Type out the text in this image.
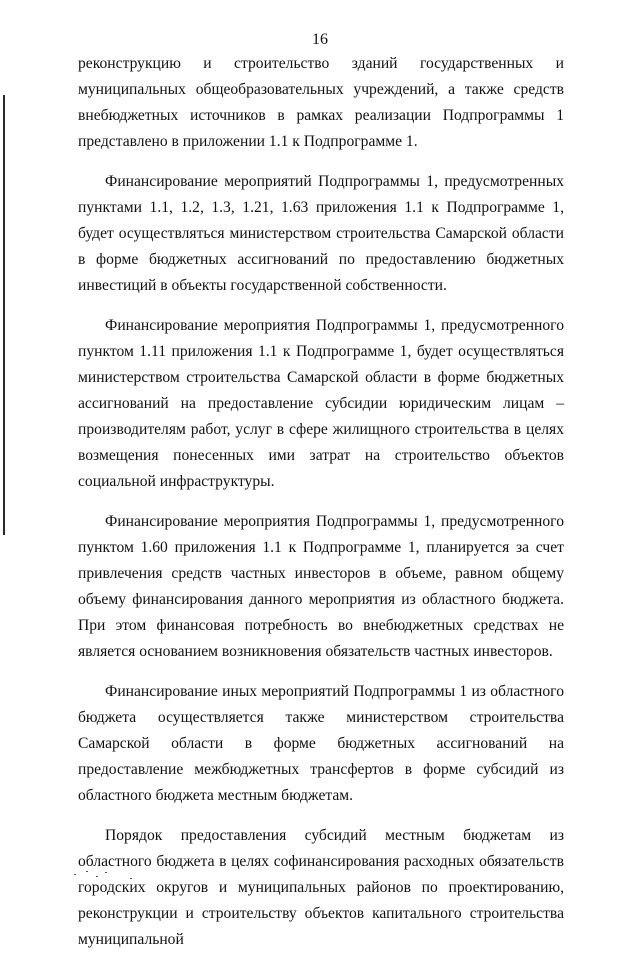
16

реконструкцию и строительство зданий государственных и муниципальных общеобразовательных учреждений, а также средств внебюджетных источников в рамках реализации Подпрограммы 1 представлено в приложении 1.1 к Подпрограмме 1.

Финансирование мероприятий Подпрограммы 1, предусмотренных пунктами 1.1, 1.2, 1.3, 1.21, 1.63 приложения 1.1 к Подпрограмме 1, будет осуществляться министерством строительства Самарской области в форме бюджетных ассигнований по предоставлению бюджетных инвестиций в объекты государственной собственности.

Финансирование мероприятия Подпрограммы 1, предусмотренного пунктом 1.11 приложения 1.1 к Подпрограмме 1, будет осуществляться министерством строительства Самарской области в форме бюджетных ассигнований на предоставление субсидии юридическим лицам – производителям работ, услуг в сфере жилищного строительства в целях возмещения понесенных ими затрат на строительство объектов социальной инфраструктуры.

Финансирование мероприятия Подпрограммы 1, предусмотренного пунктом 1.60 приложения 1.1 к Подпрограмме 1, планируется за счет привлечения средств частных инвесторов в объеме, равном общему объему финансирования данного мероприятия из областного бюджета. При этом финансовая потребность во внебюджетных средствах не является основанием возникновения обязательств частных инвесторов.

Финансирование иных мероприятий Подпрограммы 1 из областного бюджета осуществляется также министерством строительства Самарской области в форме бюджетных ассигнований на предоставление межбюджетных трансфертов в форме субсидий из областного бюджета местным бюджетам.

Порядок предоставления субсидий местным бюджетам из областного бюджета в целях софинансирования расходных обязательств городских округов и муниципальных районов по проектированию, реконструкции и строительству объектов капитального строительства муниципальной
